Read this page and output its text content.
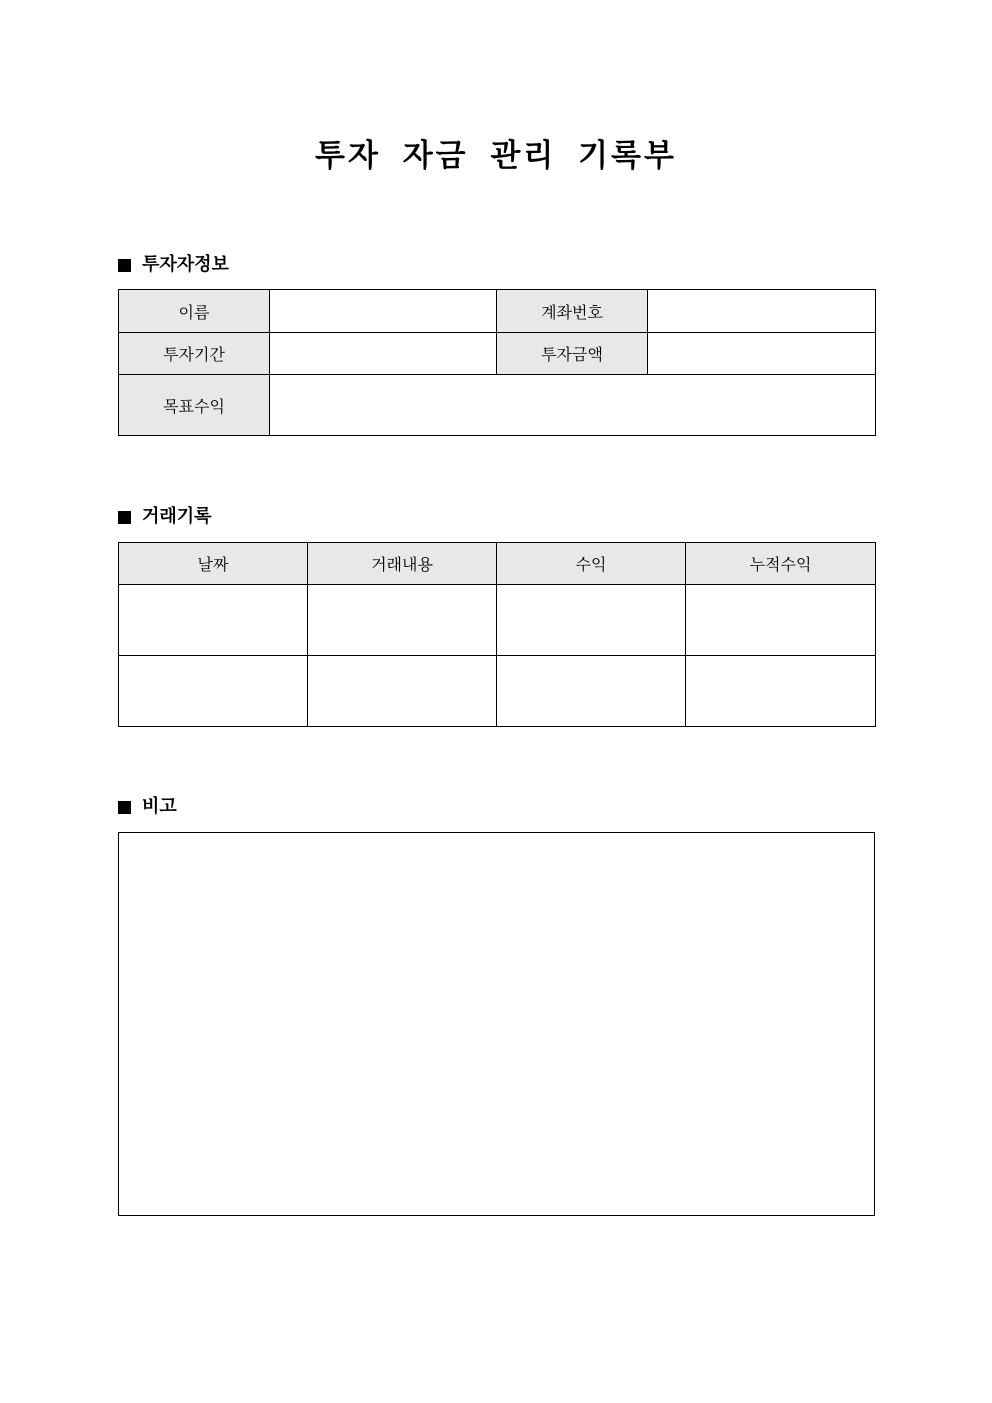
투자 자금 관리 기록부
투자자정보
이름		계좌번호	
투자기간		투자금액	
목표수익			
거래기록
날짜	거래내용	수익	누적수익

비고
